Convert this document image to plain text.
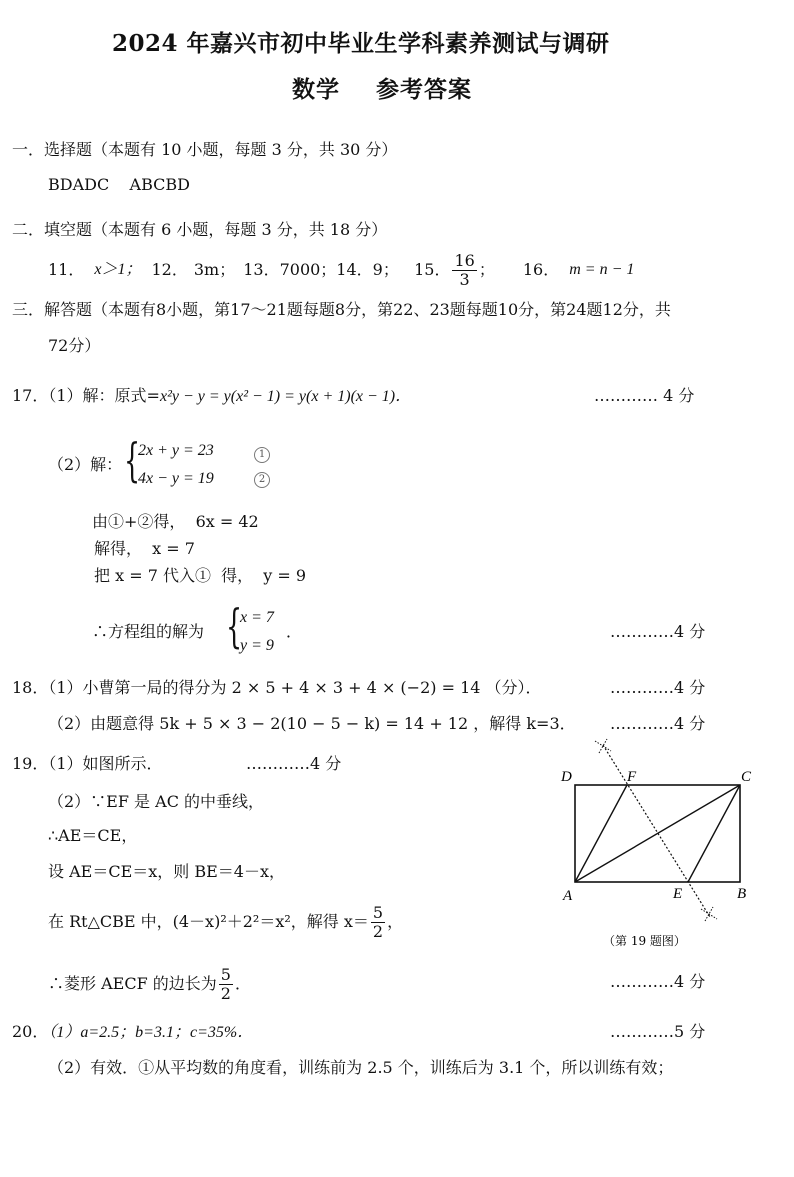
2024 年嘉兴市初中毕业生学科素养测试与调研
数学    参考答案
一．选择题（本题有 10 小题，每题 3 分，共 30 分）
BDADC    ABCBD
二．填空题（本题有 6 小题，每题 3 分，共 18 分）
11． x＞1； 12． 3m； 13．7000；14．9；   15． $\frac{16}{3}$ ； 16． m = n − 1
三．解答题（本题有8小题，第17～21题每题8分，第22、23题每题10分，第24题12分，共
72分）
17．（1）解：原式=x²y − y = y(x² − 1) = y(x + 1)(x − 1)．	………… 4 分
（2）解： {
2x + y = 23
4x − y = 19
1
2
由①+②得，  6x = 42
解得，  x = 7
把 x = 7 代入①  得，  y = 9
∴方程组的解为 {
x = 7
y = 9
．	…………4 分
18．（1）小曹第一局的得分为 2 × 5 + 4 × 3 + 4 × (−2) = 14 （分）．	…………4 分
（2）由题意得 5k + 5 × 3 − 2(10 − 5 − k) = 14 + 12 ，解得 k=3． …………4 分
19．（1）如图所示．	…………4 分
（2）∵EF 是 AC 的中垂线，
∴AE＝CE，
设 AE＝CE＝x，则 BE＝4－x，
在 Rt△CBE 中，(4－x)²＋2²＝x²，解得 $x= \frac{5}{2}$ ，
∴菱形 AECF 的边长为 $\frac{5}{2}$ ．	…………4 分
D	F	C
A	E	B
（第 19 题图）
20．（1）a=2.5；b=3.1；c=35%．	…………5 分
（2）有效．①从平均数的角度看，训练前为 2.5 个，训练后为 3.1 个，所以训练有效；
